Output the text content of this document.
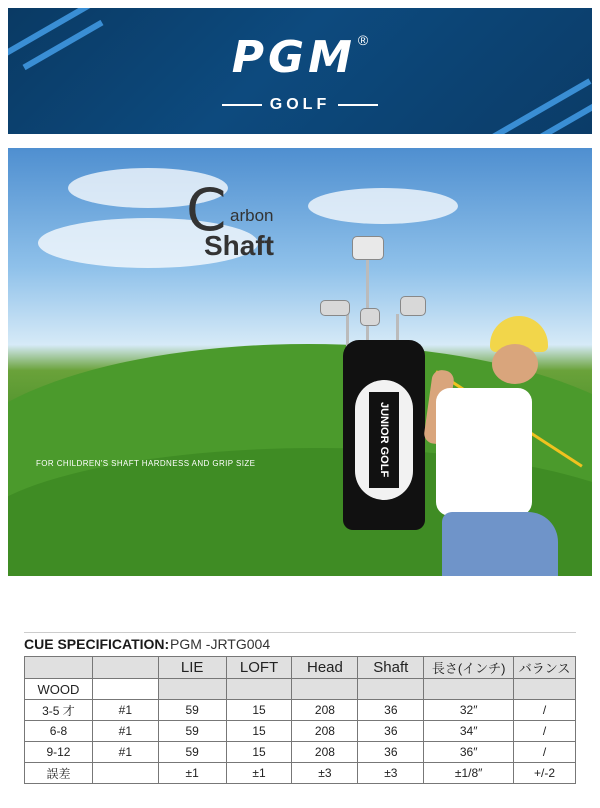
PGM ®
GOLF
C arbon
Shaft
FOR CHILDREN'S SHAFT HARDNESS AND GRIP SIZE	JUNIOR GOLF
CUE SPECIFICATION: PGM -JRTG004
		LIE	LOFT	Head	Shaft	長さ(インチ)	バランス
WOOD							
3-5 才	#1	59	15	208	36	32″	/
6-8	#1	59	15	208	36	34″	/
9-12	#1	59	15	208	36	36″	/
誤差		±1	±1	±3	±3	±1/8″	+/-2
